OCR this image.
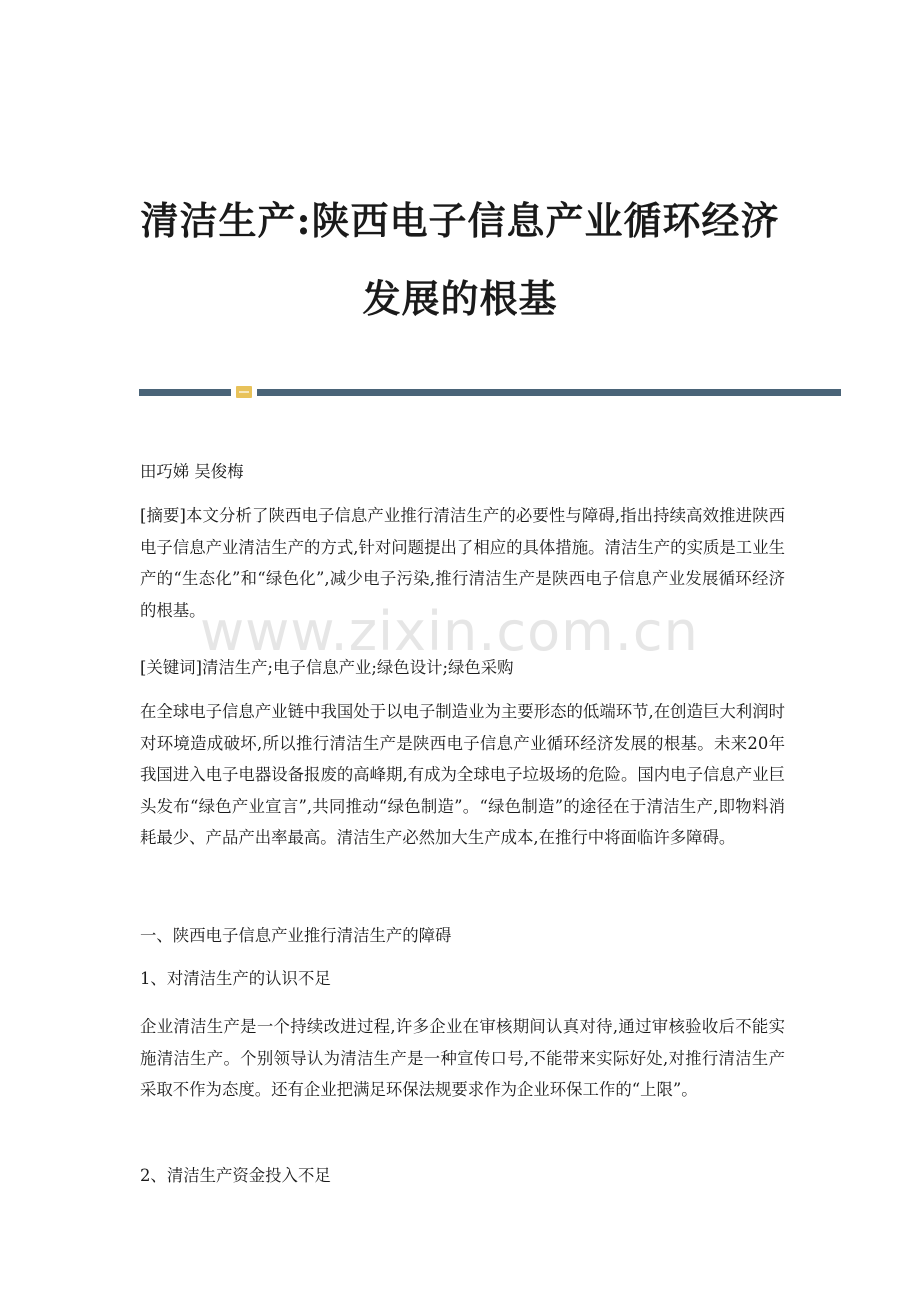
清洁生产:陕西电子信息产业循环经济
发展的根基

田巧娣 吴俊梅

[摘要]本文分析了陕西电子信息产业推行清洁生产的必要性与障碍,指出持续高效推进陕西电子信息产业清洁生产的方式,针对问题提出了相应的具体措施。清洁生产的实质是工业生产的“生态化”和“绿色化”,减少电子污染,推行清洁生产是陕西电子信息产业发展循环经济的根基。

[关键词]清洁生产;电子信息产业;绿色设计;绿色采购

在全球电子信息产业链中我国处于以电子制造业为主要形态的低端环节,在创造巨大利润时对环境造成破坏,所以推行清洁生产是陕西电子信息产业循环经济发展的根基。未来20年我国进入电子电器设备报废的高峰期,有成为全球电子垃圾场的危险。国内电子信息产业巨头发布“绿色产业宣言”,共同推动“绿色制造”。“绿色制造”的途径在于清洁生产,即物料消耗最少、产品产出率最高。清洁生产必然加大生产成本,在推行中将面临许多障碍。

一、陕西电子信息产业推行清洁生产的障碍

1、对清洁生产的认识不足

企业清洁生产是一个持续改进过程,许多企业在审核期间认真对待,通过审核验收后不能实施清洁生产。个别领导认为清洁生产是一种宣传口号,不能带来实际好处,对推行清洁生产采取不作为态度。还有企业把满足环保法规要求作为企业环保工作的“上限”。

2、清洁生产资金投入不足

www.zixin.com.cn
